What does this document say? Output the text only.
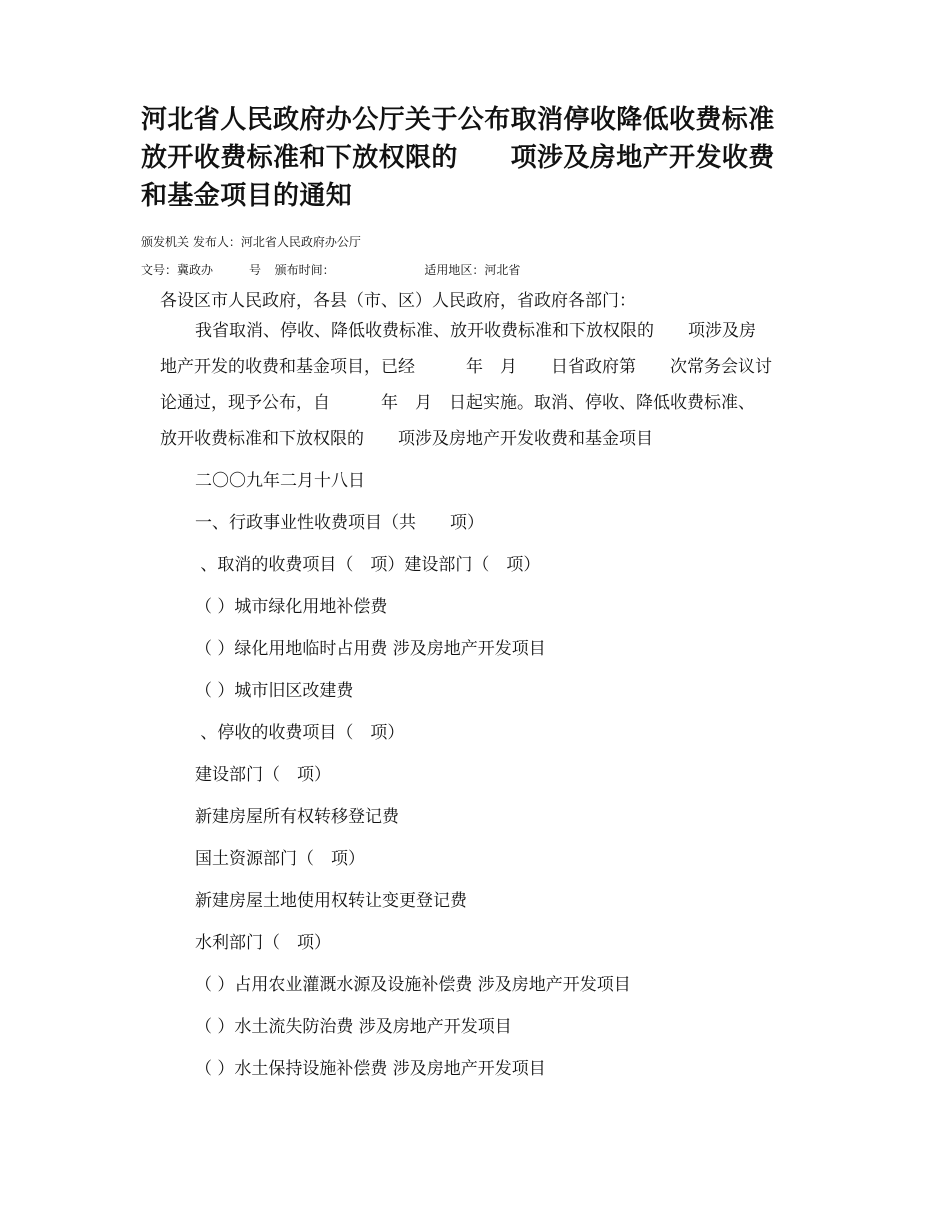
河北省人民政府办公厅关于公布取消停收降低收费标准
放开收费标准和下放权限的　　项涉及房地产开发收费
和基金项目的通知
颁发机关 发布人：河北省人民政府办公厅
文号：冀政办　　　号 颁布时间：	适用地区：河北省

各设区市人民政府，各县（市、区）人民政府，省政府各部门：

我省取消、停收、降低收费标准、放开收费标准和下放权限的　　项涉及房

地产开发的收费和基金项目，已经　　　年　月　　日省政府第　　次常务会议讨

论通过，现予公布，自　　　年　月　日起实施。取消、停收、降低收费标准、

放开收费标准和下放权限的　　项涉及房地产开发收费和基金项目

二〇〇九年二月十八日

一、行政事业性收费项目（共　　项）

、取消的收费项目（　项）建设部门（　项）

（ ）城市绿化用地补偿费

（ ）绿化用地临时占用费 涉及房地产开发项目

（ ）城市旧区改建费

、停收的收费项目（　项）

建设部门（　项）

新建房屋所有权转移登记费

国土资源部门（　项）

新建房屋土地使用权转让变更登记费

水利部门（　项）

（ ）占用农业灌溉水源及设施补偿费 涉及房地产开发项目

（ ）水土流失防治费 涉及房地产开发项目

（ ）水土保持设施补偿费 涉及房地产开发项目
